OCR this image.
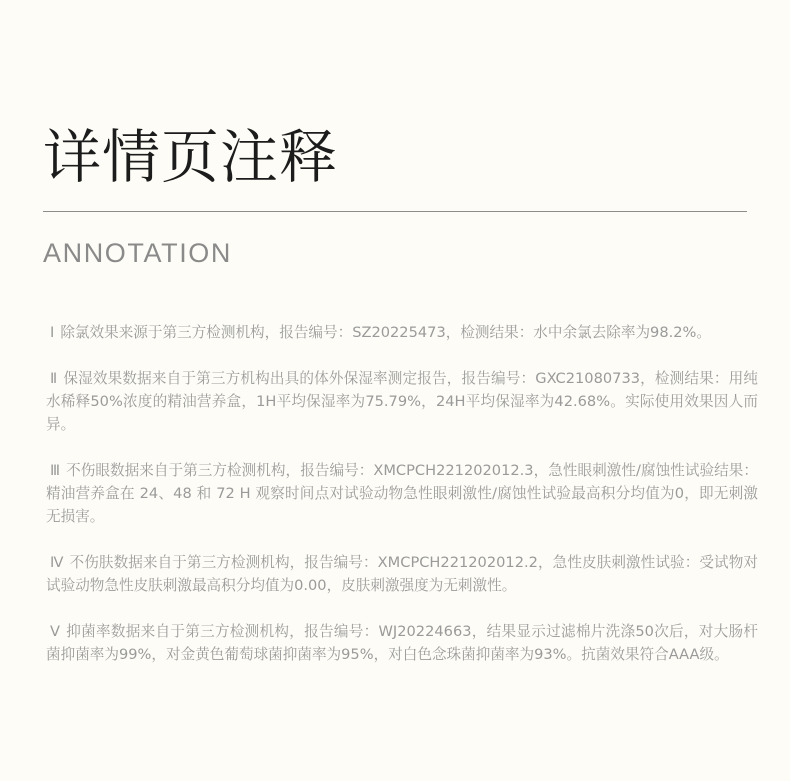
详情页注释
ANNOTATION
Ⅰ 除氯效果来源于第三方检测机构，报告编号：SZ20225473，检测结果：水中余氯去除率为98.2%。
Ⅱ 保湿效果数据来自于第三方机构出具的体外保湿率测定报告，报告编号：GXC21080733，检测结果：用纯水稀释50%浓度的精油营养盒，1H平均保湿率为75.79%，24H平均保湿率为42.68%。实际使用效果因人而异。
Ⅲ 不伤眼数据来自于第三方检测机构，报告编号：XMCPCH221202012.3，急性眼刺激性/腐蚀性试验结果：精油营养盒在 24、48 和 72 H 观察时间点对试验动物急性眼刺激性/腐蚀性试验最高积分均值为0，即无刺激无损害。
Ⅳ 不伤肤数据来自于第三方检测机构，报告编号：XMCPCH221202012.2，急性皮肤刺激性试验：受试物对试验动物急性皮肤刺激最高积分均值为0.00，皮肤刺激强度为无刺激性。
Ⅴ 抑菌率数据来自于第三方检测机构，报告编号：WJ20224663，结果显示过滤棉片洗涤50次后，对大肠杆菌抑菌率为99%，对金黄色葡萄球菌抑菌率为95%，对白色念珠菌抑菌率为93%。抗菌效果符合AAA级。
